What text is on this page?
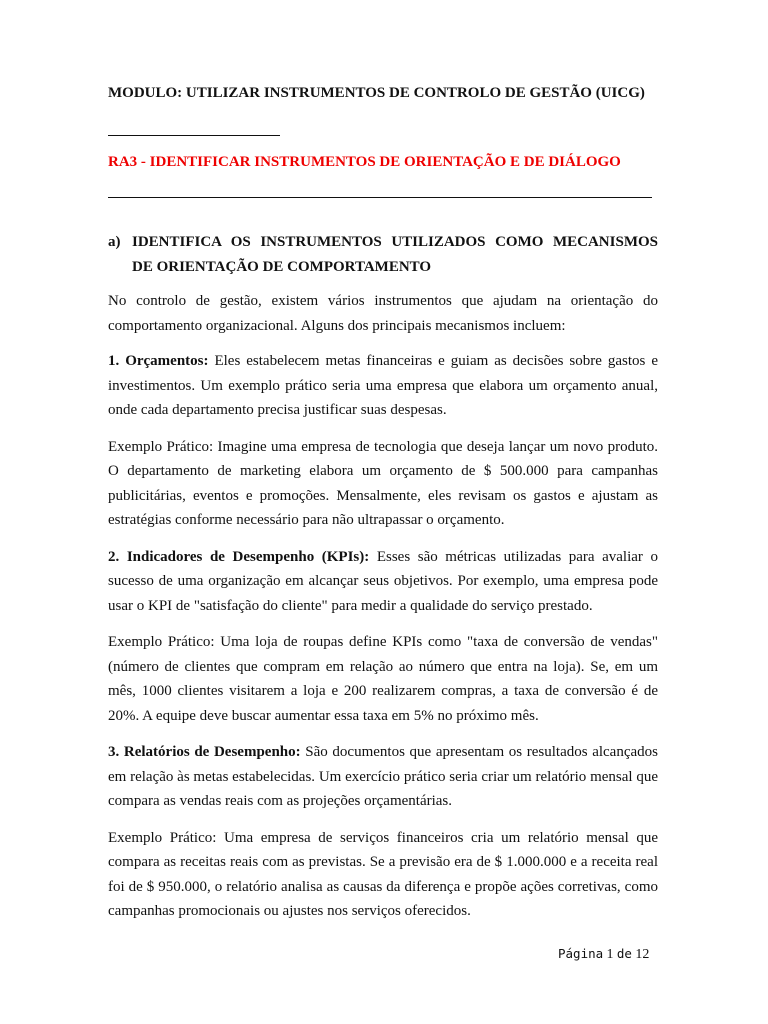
MODULO: UTILIZAR INSTRUMENTOS DE CONTROLO DE GESTÃO (UICG)
RA3 - IDENTIFICAR INSTRUMENTOS DE ORIENTAÇÃO E DE DIÁLOGO
a) IDENTIFICA OS INSTRUMENTOS UTILIZADOS COMO MECANISMOS
DE ORIENTAÇÃO DE COMPORTAMENTO

No controlo de gestão, existem vários instrumentos que ajudam na orientação do comportamento organizacional. Alguns dos principais mecanismos incluem:

1. Orçamentos: Eles estabelecem metas financeiras e guiam as decisões sobre gastos e investimentos. Um exemplo prático seria uma empresa que elabora um orçamento anual, onde cada departamento precisa justificar suas despesas.

Exemplo Prático: Imagine uma empresa de tecnologia que deseja lançar um novo produto. O departamento de marketing elabora um orçamento de $ 500.000 para campanhas publicitárias, eventos e promoções. Mensalmente, eles revisam os gastos e ajustam as estratégias conforme necessário para não ultrapassar o orçamento.

2. Indicadores de Desempenho (KPIs): Esses são métricas utilizadas para avaliar o sucesso de uma organização em alcançar seus objetivos. Por exemplo, uma empresa pode usar o KPI de "satisfação do cliente" para medir a qualidade do serviço prestado.

Exemplo Prático: Uma loja de roupas define KPIs como "taxa de conversão de vendas" (número de clientes que compram em relação ao número que entra na loja). Se, em um mês, 1000 clientes visitarem a loja e 200 realizarem compras, a taxa de conversão é de 20%. A equipe deve buscar aumentar essa taxa em 5% no próximo mês.

3. Relatórios de Desempenho: São documentos que apresentam os resultados alcançados em relação às metas estabelecidas. Um exercício prático seria criar um relatório mensal que compara as vendas reais com as projeções orçamentárias.

Exemplo Prático: Uma empresa de serviços financeiros cria um relatório mensal que compara as receitas reais com as previstas. Se a previsão era de $ 1.000.000 e a receita real foi de $ 950.000, o relatório analisa as causas da diferença e propõe ações corretivas, como campanhas promocionais ou ajustes nos serviços oferecidos.

Página 1 de 12
